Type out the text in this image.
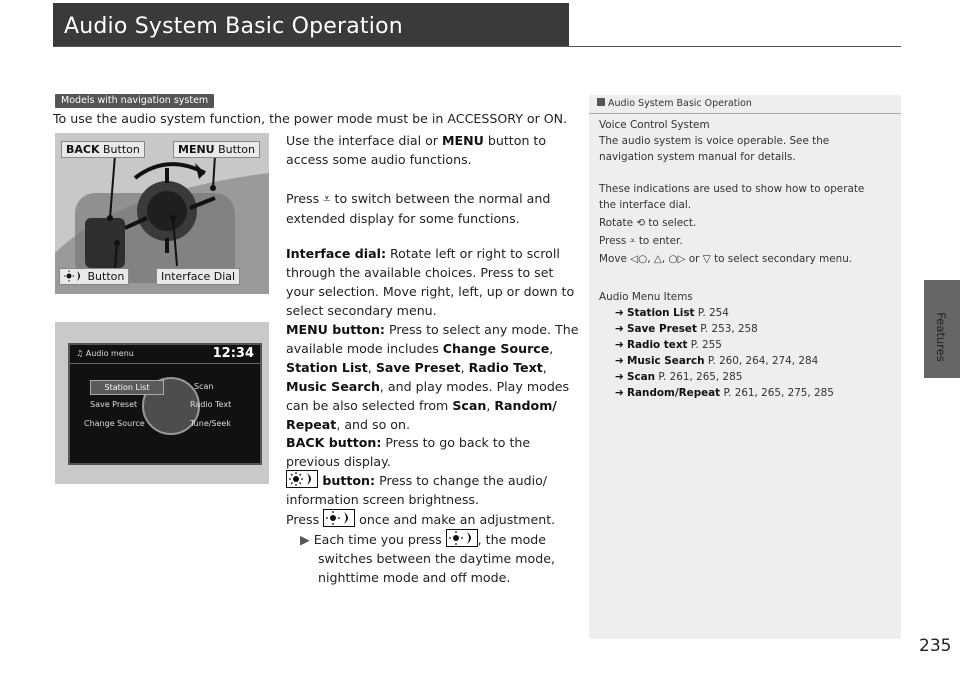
Audio System Basic Operation
Features
Models with navigation system
To use the audio system function, the power mode must be in ACCESSORY or ON.
BACK Button	MENU Button
Button	Interface Dial
♫ Audio menu	12:34
Station List
Save Preset
Change Source
Scan
Radio Text
Tune/Seek
Use the interface dial or MENU button to
access some audio functions.
Press ⩡ to switch between the normal and
extended display for some functions.
Interface dial: Rotate left or right to scroll
through the available choices. Press to set
your selection. Move right, left, up or down to
select secondary menu.
MENU button: Press to select any mode. The
available mode includes Change Source,
Station List, Save Preset, Radio Text,
Music Search, and play modes. Play modes
can be also selected from Scan, Random/
Repeat, and so on.
BACK button: Press to go back to the
previous display.
button: Press to change the audio/
information screen brightness.
Press	once and make an adjustment.
▶ Each time you press	, the mode
switches between the daytime mode,
nighttime mode and off mode.
Audio System Basic Operation
Voice Control System
The audio system is voice operable. See the
navigation system manual for details.
These indications are used to show how to operate
the interface dial.
Rotate ⟲ to select.
Press ⩡ to enter.
Move ◁○, △, ○▷ or ▽ to select secondary menu.
Audio Menu Items
➔ Station List P. 254
➔ Save Preset P. 253, 258
➔ Radio text P. 255
➔ Music Search P. 260, 264, 274, 284
➔ Scan P. 261, 265, 285
➔ Random/Repeat P. 261, 265, 275, 285
235
